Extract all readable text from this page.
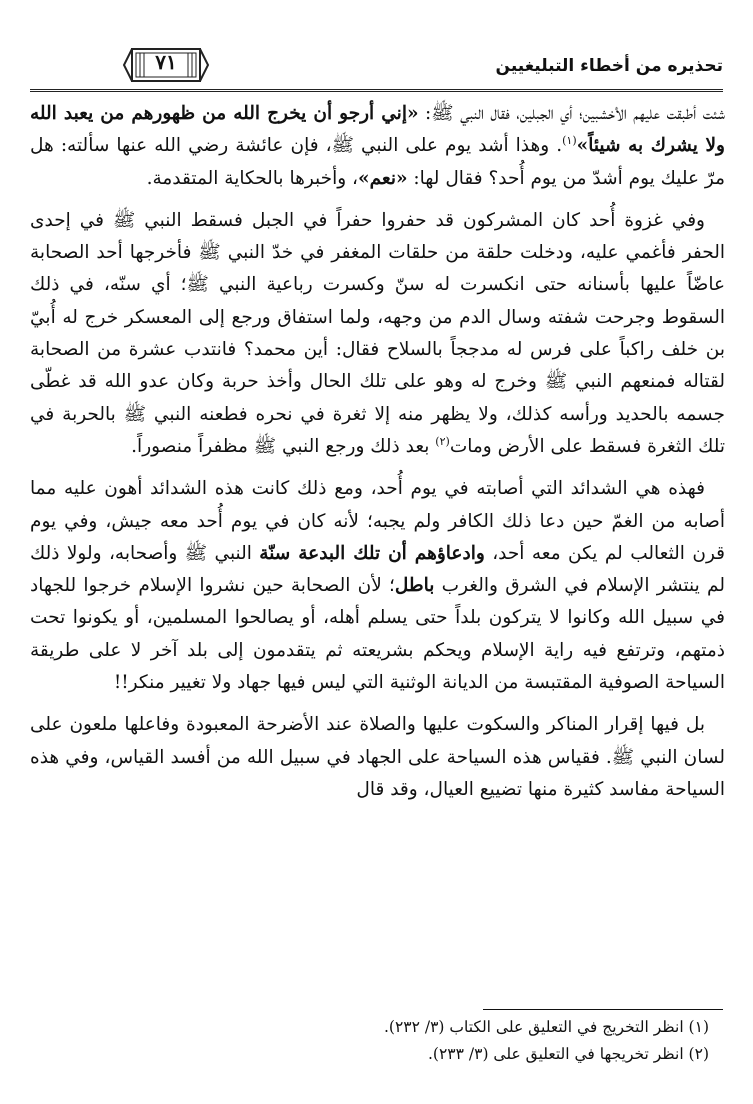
٧١	تحذيره من أخطاء التبليغيين

شئت أطبقت عليهم الأخشبين؛ أي الجبلين، فقال النبي ﷺ: «إني أرجو أن يخرج الله من ظهورهم من يعبد الله ولا يشرك به شيئاً»$^{(١)}$. وهذا أشد يوم على النبي ﷺ، فإن عائشة رضي الله عنها سألته: هل مرّ عليك يوم أشدّ من يوم أُحد؟ فقال لها: «نعم»، وأخبرها بالحكاية المتقدمة.

وفي غزوة أُحد كان المشركون قد حفروا حفراً في الجبل فسقط النبي ﷺ في إحدى الحفر فأغمي عليه، ودخلت حلقة من حلقات المغفر في خدّ النبي ﷺ فأخرجها أحد الصحابة عاضّاً عليها بأسنانه حتى انكسرت له سنّ وكسرت رباعية النبي ﷺ؛ أي سنّه، في ذلك السقوط وجرحت شفته وسال الدم من وجهه، ولما استفاق ورجع إلى المعسكر خرج له أُبيّ بن خلف راكباً على فرس له مدججاً بالسلاح فقال: أين محمد؟ فانتدب عشرة من الصحابة لقتاله فمنعهم النبي ﷺ وخرج له وهو على تلك الحال وأخذ حربة وكان عدو الله قد غطّى جسمه بالحديد ورأسه كذلك، ولا يظهر منه إلا ثغرة في نحره فطعنه النبي ﷺ بالحربة في تلك الثغرة فسقط على الأرض ومات$^{(٢)}$ بعد ذلك ورجع النبي ﷺ مظفراً منصوراً.

فهذه هي الشدائد التي أصابته في يوم أُحد، ومع ذلك كانت هذه الشدائد أهون عليه مما أصابه من الغمّ حين دعا ذلك الكافر ولم يجبه؛ لأنه كان في يوم أُحد معه جيش، وفي يوم قرن الثعالب لم يكن معه أحد، وادعاؤهم أن تلك البدعة سنّة النبي ﷺ وأصحابه، ولولا ذلك لم ينتشر الإسلام في الشرق والغرب باطل؛ لأن الصحابة حين نشروا الإسلام خرجوا للجهاد في سبيل الله وكانوا لا يتركون بلداً حتى يسلم أهله، أو يصالحوا المسلمين، أو يكونوا تحت ذمتهم، وترتفع فيه راية الإسلام ويحكم بشريعته ثم يتقدمون إلى بلد آخر لا على طريقة السياحة الصوفية المقتبسة من الديانة الوثنية التي ليس فيها جهاد ولا تغيير منكر!!

بل فيها إقرار المناكر والسكوت عليها والصلاة عند الأضرحة المعبودة وفاعلها ملعون على لسان النبي ﷺ. فقياس هذه السياحة على الجهاد في سبيل الله من أفسد القياس، وفي هذه السياحة مفاسد كثيرة منها تضييع العيال، وقد قال

(١) انظر التخريج في التعليق على الكتاب (٣/ ٢٣٢).
(٢) انظر تخريجها في التعليق على (٣/ ٢٣٣).
